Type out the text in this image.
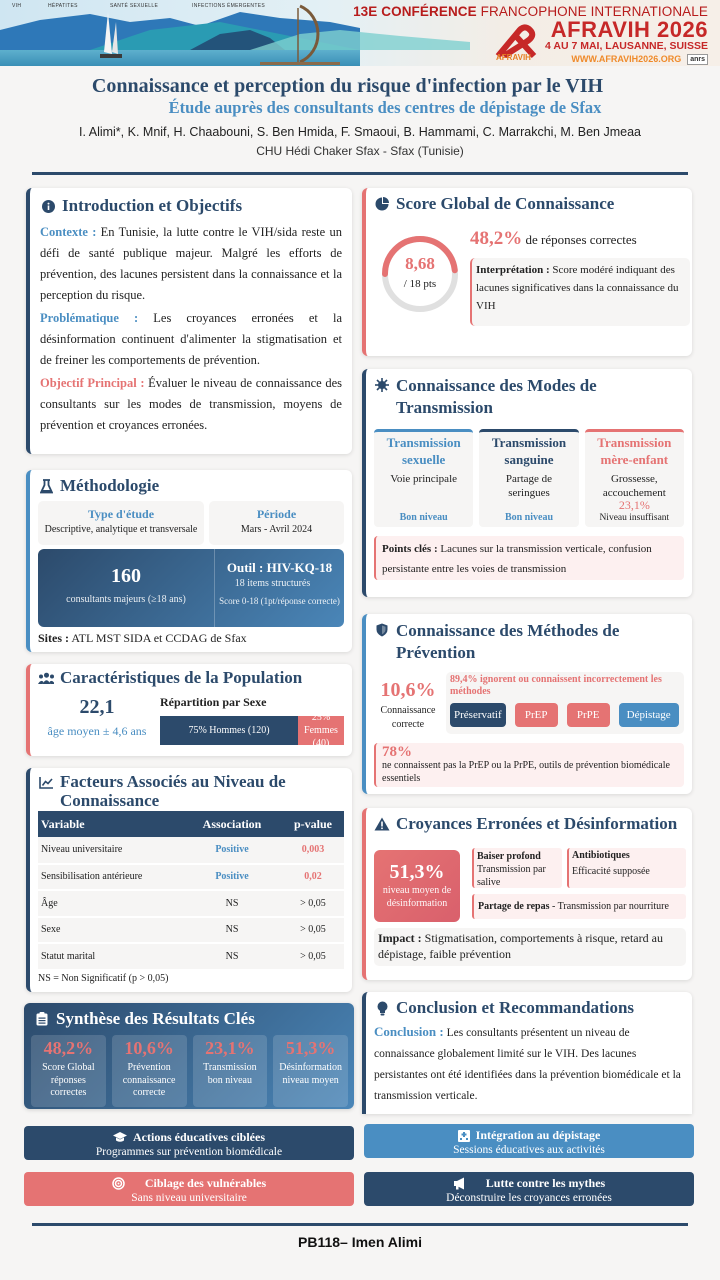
VIH	HÉPATITES	SANTÉ SEXUELLE	INFECTIONS ÉMERGENTES
AFRAVIH
13E CONFÉRENCE FRANCOPHONE INTERNATIONALE
AFRAVIH 2026
4 AU 7 MAI, LAUSANNE, SUISSE
WWW.AFRAVIH2026.ORG anrs
Connaissance et perception du risque d'infection par le VIH
Étude auprès des consultants des centres de dépistage de Sfax
I. Alimi*, K. Mnif, H. Chaabouni, S. Ben Hmida, F. Smaoui, B. Hammami, C. Marrakchi, M. Ben Jmeaa
CHU Hédi Chaker Sfax - Sfax (Tunisie)
Introduction et Objectifs
Contexte : En Tunisie, la lutte contre le VIH/sida reste un défi de santé publique majeur. Malgré les efforts de prévention, des lacunes persistent dans la connaissance et la perception du risque.
Problématique : Les croyances erronées et la désinformation continuent d'alimenter la stigmatisation et de freiner les comportements de prévention.
Objectif Principal : Évaluer le niveau de connaissance des consultants sur les modes de transmission, moyens de prévention et croyances erronées.
Méthodologie
Type d'étude
Descriptive, analytique et transversale
Période
Mars - Avril 2024
160
consultants majeurs (≥18 ans)
Outil : HIV-KQ-18
18 items structurés
Score 0-18 (1pt/réponse correcte)
Sites : ATL MST SIDA et CCDAG de Sfax
Caractéristiques de la Population
22,1
âge moyen ± 4,6 ans
Répartition par Sexe
75% Hommes (120)
25% Femmes (40)
Facteurs Associés au Niveau de Connaissance
Variable	Association	p-value
Niveau universitaire	Positive	0,003
Sensibilisation antérieure	Positive	0,02
Âge	NS	> 0,05
Sexe	NS	> 0,05
Statut marital	NS	> 0,05
NS = Non Significatif (p > 0,05)
Synthèse des Résultats Clés
48,2%
Score Global réponses correctes
10,6%
Prévention connaissance correcte
23,1%
Transmission bon niveau
51,3%
Désinformation niveau moyen
Score Global de Connaissance
8,68
/ 18 pts
48,2% de réponses correctes
Interprétation : Score modéré indiquant des lacunes significatives dans la connaissance du VIH
Connaissance des Modes de Transmission
Transmission sexuelle
Voie principale
Bon niveau
Transmission sanguine
Partage de seringues
Bon niveau
Transmission mère-enfant
Grossesse, accouchement
23,1%
Niveau insuffisant
Points clés : Lacunes sur la transmission verticale, confusion persistante entre les voies de transmission
Connaissance des Méthodes de Prévention
10,6%
Connaissance correcte
89,4% ignorent ou connaissent incorrectement les méthodes
Préservatif	PrEP	PrPE	Dépistage
78%
ne connaissent pas la PrEP ou la PrPE, outils de prévention biomédicale essentiels
Croyances Erronées et Désinformation
51,3%
niveau moyen de désinformation
Baiser profond
Transmission par salive
Antibiotiques
Efficacité supposée
Partage de repas - Transmission par nourriture
Impact : Stigmatisation, comportements à risque, retard au dépistage, faible prévention
Conclusion et Recommandations
Conclusion : Les consultants présentent un niveau de connaissance globalement limité sur le VIH. Des lacunes persistantes ont été identifiées dans la prévention biomédicale et la transmission verticale.
Actions éducatives ciblées
Programmes sur prévention biomédicale
Intégration au dépistage
Sessions éducatives aux activités
Ciblage des vulnérables
Sans niveau universitaire
Lutte contre les mythes
Déconstruire les croyances erronées
PB118– Imen Alimi
